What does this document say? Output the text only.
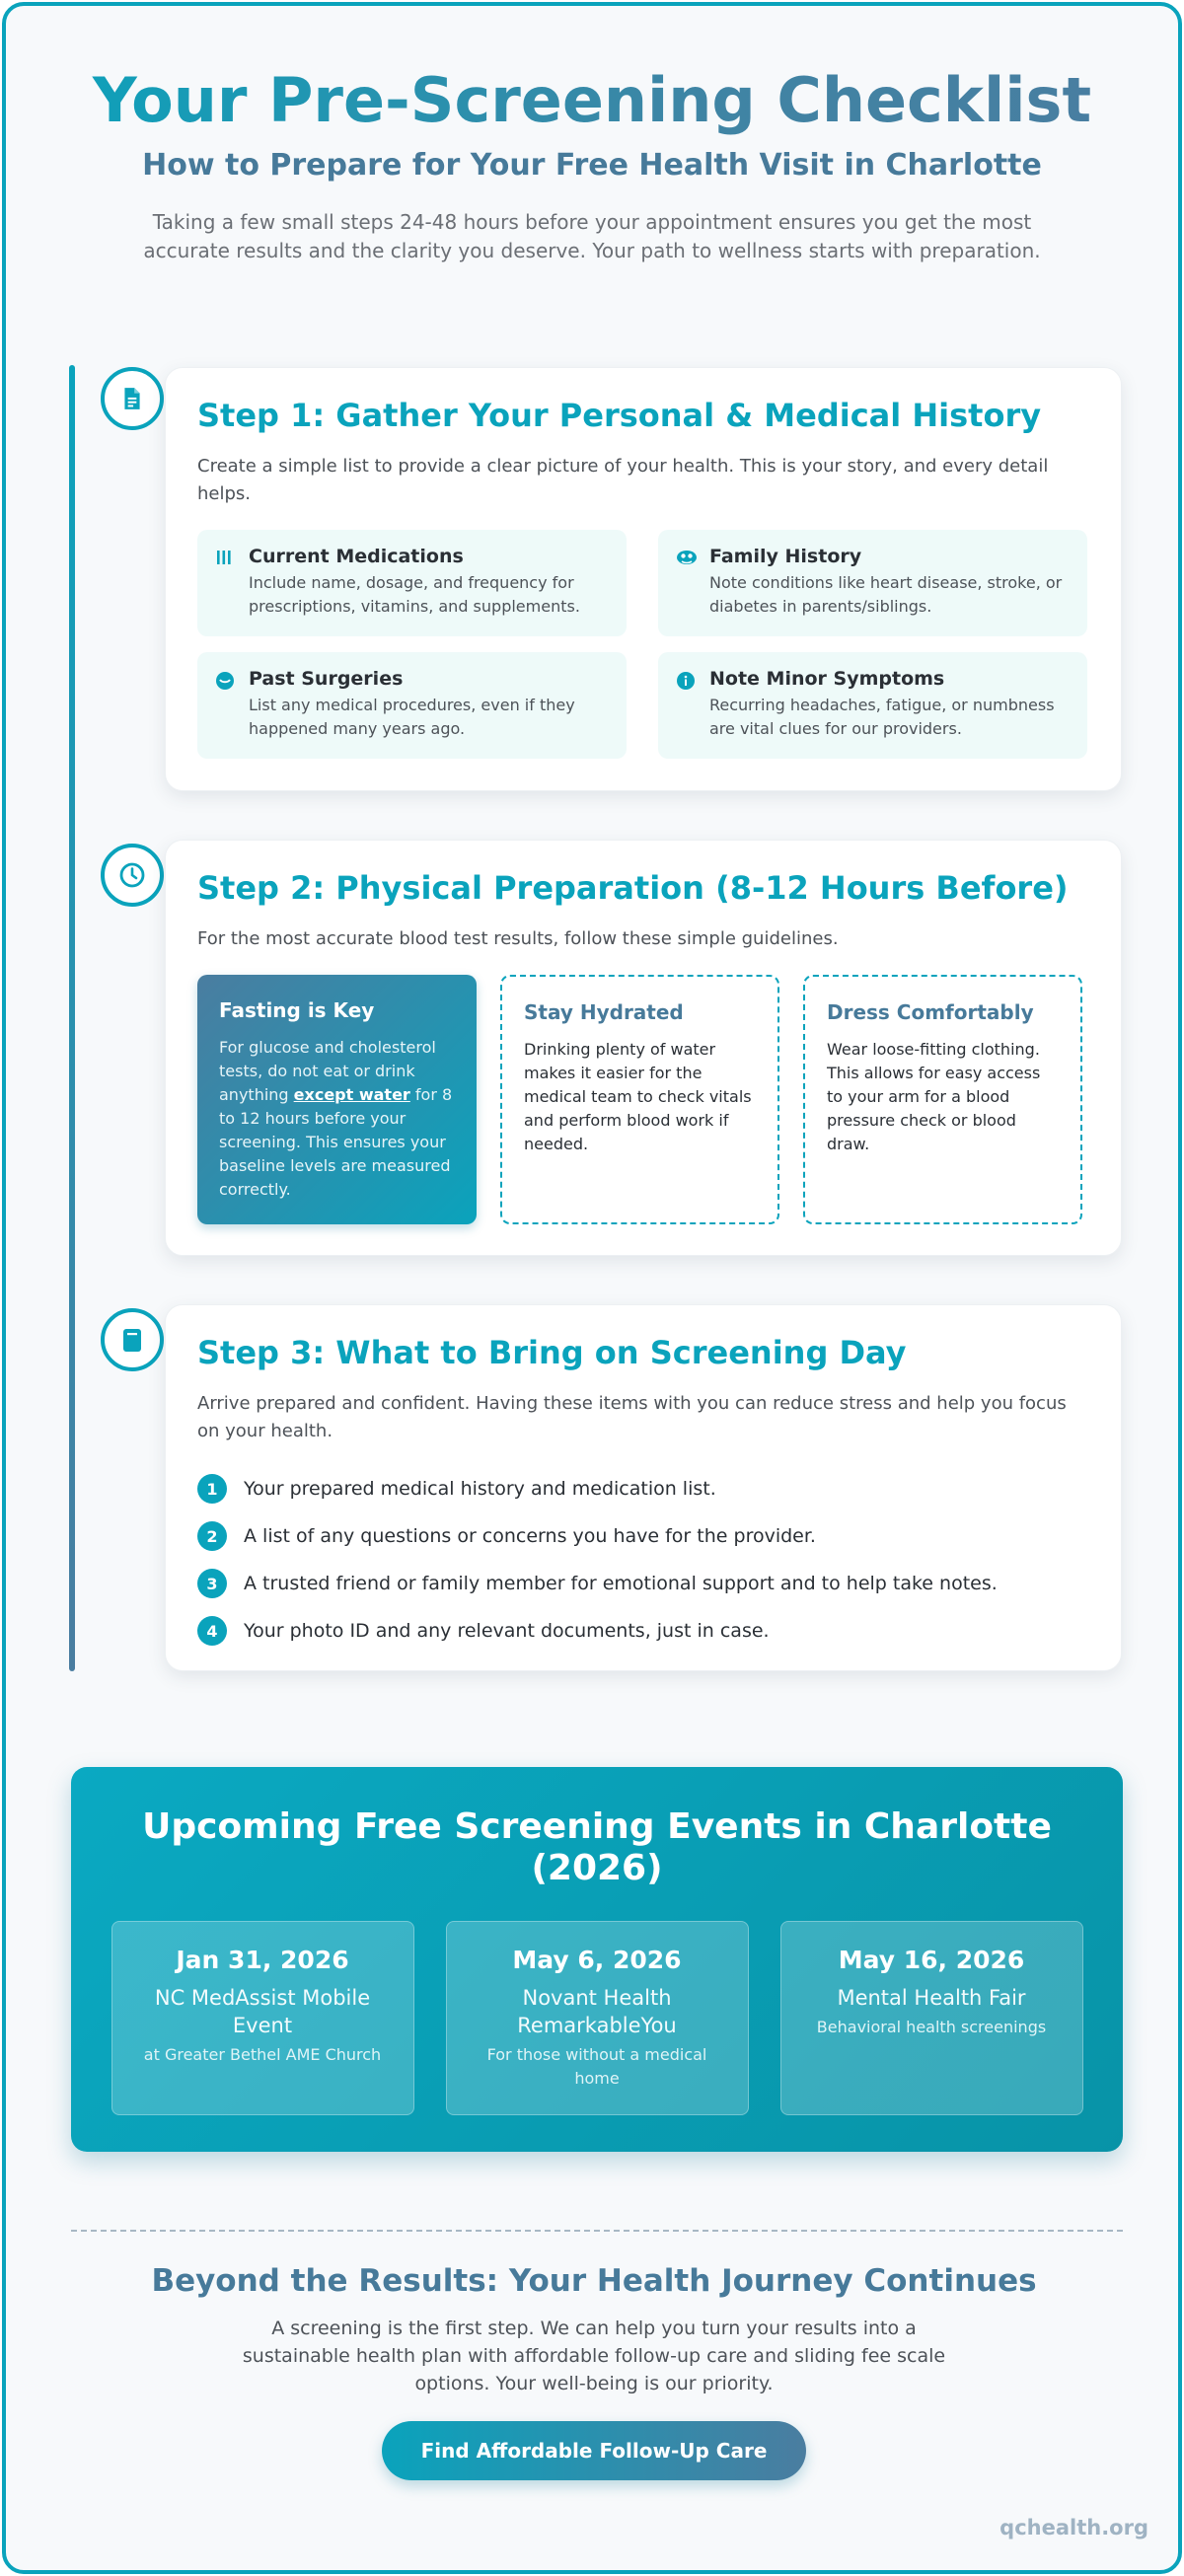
Your Pre-Screening Checklist
How to Prepare for Your Free Health Visit in Charlotte

Taking a few small steps 24-48 hours before your appointment ensures you get the most accurate results and the clarity you deserve. Your path to wellness starts with preparation.

Step 1: Gather Your Personal & Medical History

Create a simple list to provide a clear picture of your health. This is your story, and every detail helps.

Current Medications
Include name, dosage, and frequency for prescriptions, vitamins, and supplements.
Family History
Note conditions like heart disease, stroke, or diabetes in parents/siblings.
Past Surgeries
List any medical procedures, even if they happened many years ago.
Note Minor Symptoms
Recurring headaches, fatigue, or numbness are vital clues for our providers.
Step 2: Physical Preparation (8-12 Hours Before)

For the most accurate blood test results, follow these simple guidelines.

Fasting is Key
For glucose and cholesterol tests, do not eat or drink anything except water for 8 to 12 hours before your screening. This ensures your baseline levels are measured correctly.
Stay Hydrated
Drinking plenty of water makes it easier for the medical team to check vitals and perform blood work if needed.
Dress Comfortably
Wear loose-fitting clothing. This allows for easy access to your arm for a blood pressure check or blood draw.
Step 3: What to Bring on Screening Day

Arrive prepared and confident. Having these items with you can reduce stress and help you focus on your health.

1	Your prepared medical history and medication list.
2	A list of any questions or concerns you have for the provider.
3	A trusted friend or family member for emotional support and to help take notes.
4	Your photo ID and any relevant documents, just in case.
Upcoming Free Screening Events in Charlotte (2026)
Jan 31, 2026
NC MedAssist Mobile Event
at Greater Bethel AME Church
May 6, 2026
Novant Health RemarkableYou
For those without a medical home
May 16, 2026
Mental Health Fair
Behavioral health screenings
Beyond the Results: Your Health Journey Continues

A screening is the first step. We can help you turn your results into a sustainable health plan with affordable follow-up care and sliding fee scale options. Your well-being is our priority.

Find Affordable Follow-Up Care
qchealth.org
